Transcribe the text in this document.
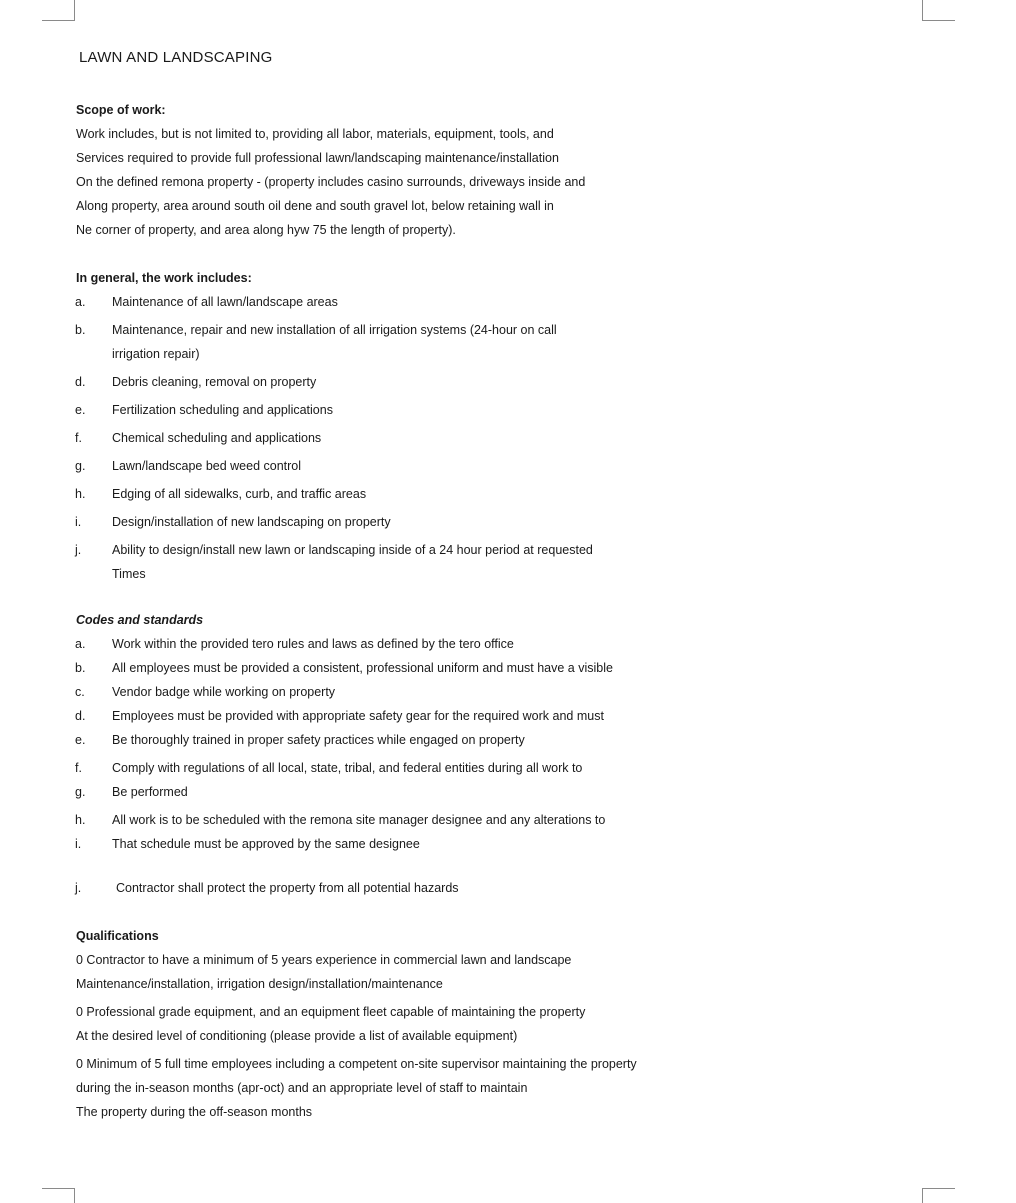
LAWN AND LANDSCAPING
Scope of work:
Work includes, but is not limited to, providing all labor, materials, equipment, tools, and
Services required to provide full professional lawn/landscaping maintenance/installation
On the defined remona property - (property includes casino surrounds, driveways inside and
Along property, area around south oil dene and south gravel lot, below retaining wall in
Ne corner of property, and area along hyw 75 the length of property).
In general, the work includes:
a.	Maintenance of all lawn/landscape areas
b.	Maintenance, repair and new installation of all irrigation systems (24-hour on call
irrigation repair)
d.	Debris cleaning, removal on property
e.	Fertilization scheduling and applications
f.	Chemical scheduling and applications
g.	Lawn/landscape bed weed control
h.	Edging of all sidewalks, curb, and traffic areas
i.	Design/installation of new landscaping on property
j.	Ability to design/install new lawn or landscaping inside of a 24 hour period at requested
Times
Codes and standards
a.	Work within the provided tero rules and laws as defined by the tero office
b.	All employees must be provided a consistent, professional uniform and must have a visible
c.	Vendor badge while working on property
d.	Employees must be provided with appropriate safety gear for the required work and must
e.	Be thoroughly trained in proper safety practices while engaged on property
f.	Comply with regulations of all local, state, tribal, and federal entities during all work to
g.	Be performed
h.	All work is to be scheduled with the remona site manager designee and any alterations to
i.	That schedule must be approved by the same designee
j.	Contractor shall protect the property from all potential hazards
Qualifications
0 Contractor to have a minimum of 5 years experience in commercial lawn and landscape
Maintenance/installation, irrigation design/installation/maintenance
0 Professional grade equipment, and an equipment fleet capable of maintaining the property
At the desired level of conditioning (please provide a list of available equipment)
0 Minimum of 5 full time employees including a competent on-site supervisor maintaining the property
during the in-season months (apr-oct) and an appropriate level of staff to maintain
The property during the off-season months
